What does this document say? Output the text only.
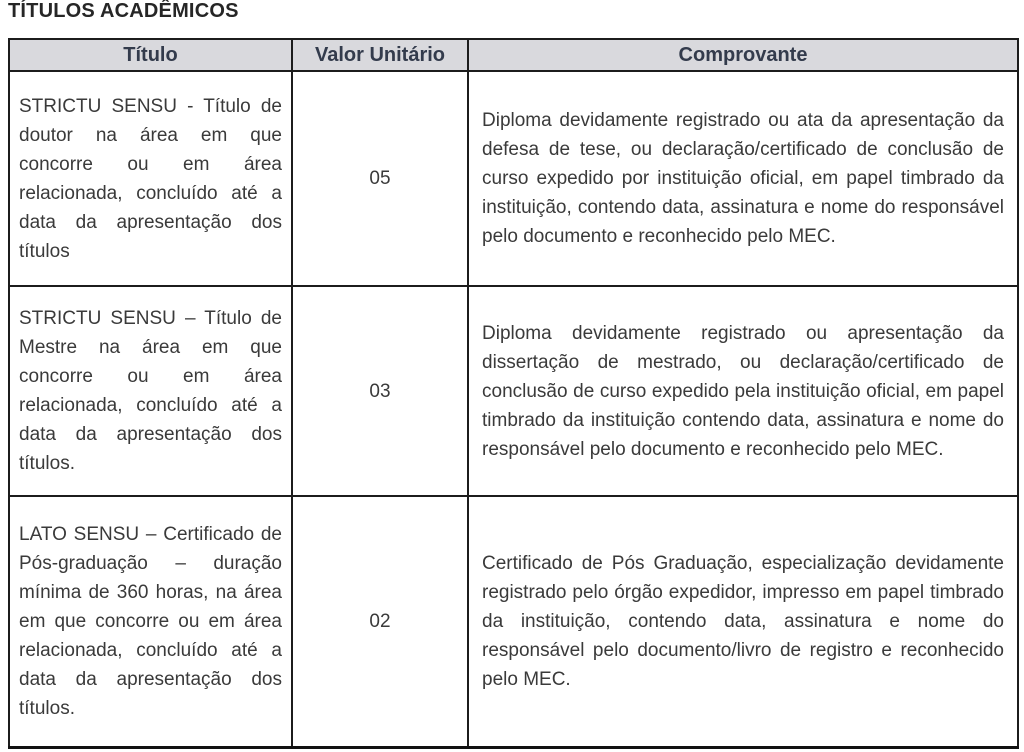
TÍTULOS ACADÊMICOS
Título	Valor Unitário	Comprovante
STRICTU SENSU - Título de doutor na área em que concorre ou em área relacionada, concluído até a data da apresentação dos títulos	05	Diploma devidamente registrado ou ata da apresentação da defesa de tese, ou declaração/certificado de conclusão de curso expedido por instituição oficial, em papel timbrado da instituição, contendo data, assinatura e nome do responsável pelo documento e reconhecido pelo MEC.
STRICTU SENSU – Título de Mestre na área em que concorre ou em área relacionada, concluído até a data da apresentação dos títulos.	03	Diploma devidamente registrado ou apresentação da dissertação de mestrado, ou declaração/certificado de conclusão de curso expedido pela instituição oficial, em papel timbrado da instituição contendo data, assinatura e nome do responsável pelo documento e reconhecido pelo MEC.
LATO SENSU – Certificado de Pós-graduação – duração mínima de 360 horas, na área em que concorre ou em área relacionada, concluído até a data da apresentação dos títulos.	02	Certificado de Pós Graduação, especialização devidamente registrado pelo órgão expedidor, impresso em papel timbrado da instituição, contendo data, assinatura e nome do responsável pelo documento/livro de registro e reconhecido pelo MEC.
